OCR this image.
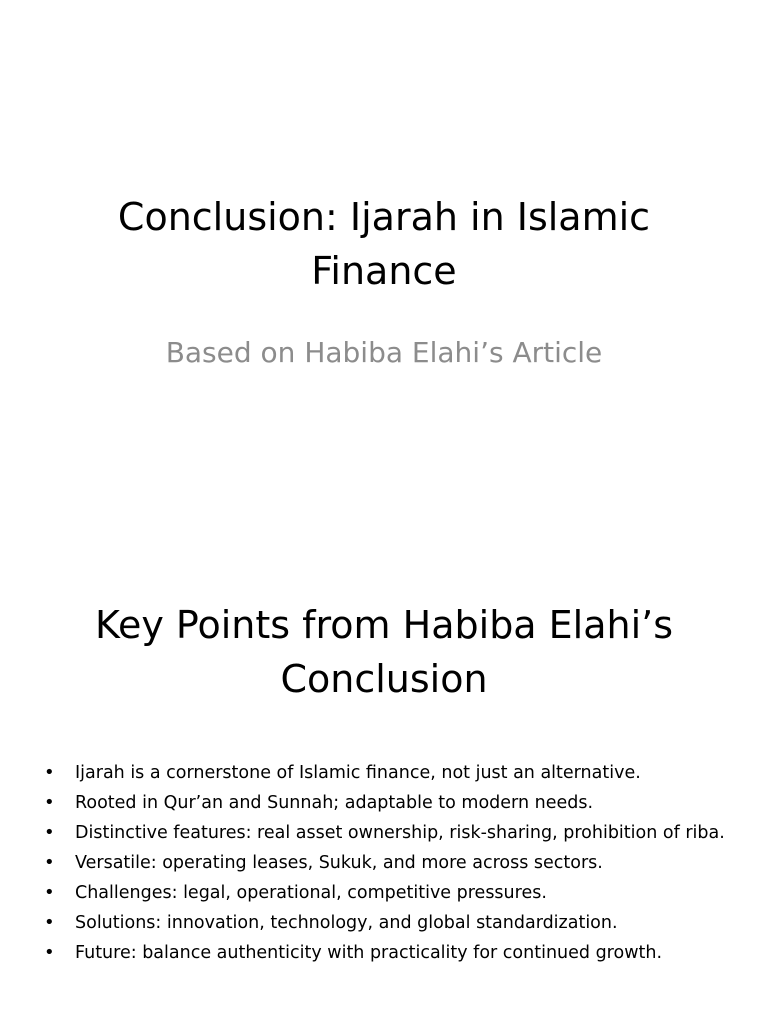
Conclusion: Ijarah in Islamic Finance

Based on Habiba Elahi’s Article

Key Points from Habiba Elahi’s Conclusion
• Ijarah is a cornerstone of Islamic finance, not just an alternative.
• Rooted in Qur’an and Sunnah; adaptable to modern needs.
• Distinctive features: real asset ownership, risk-sharing, prohibition of riba.
• Versatile: operating leases, Sukuk, and more across sectors.
• Challenges: legal, operational, competitive pressures.
• Solutions: innovation, technology, and global standardization.
• Future: balance authenticity with practicality for continued growth.
